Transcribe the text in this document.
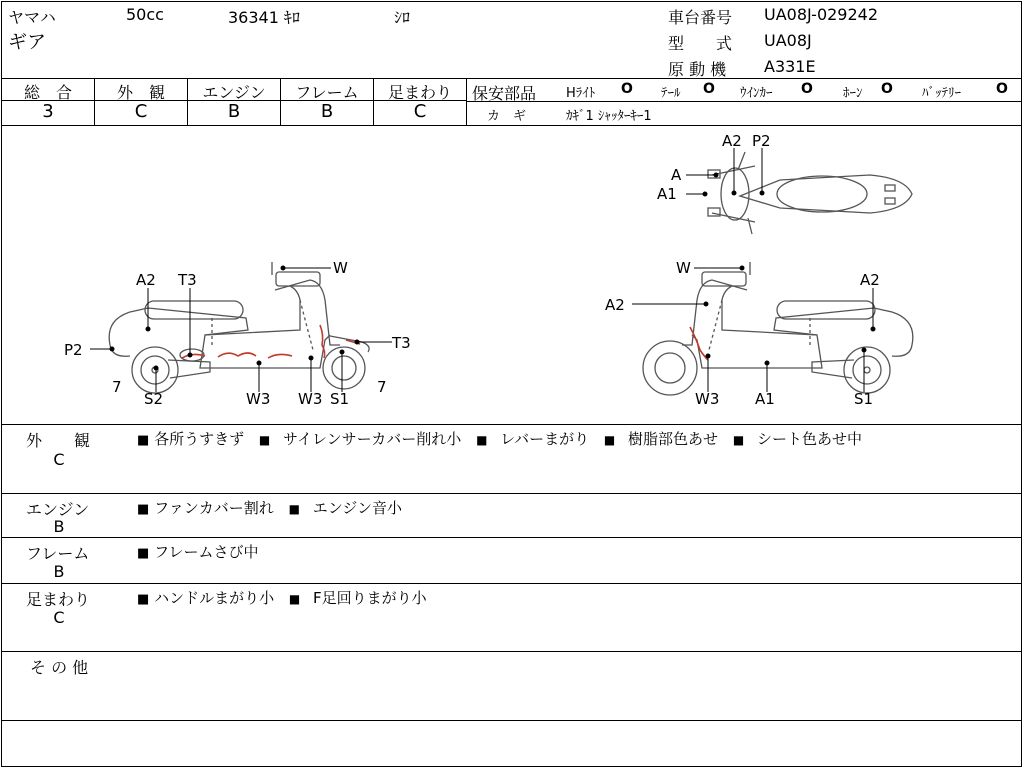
ヤマハ	50cc	36341 ｷﾛ	ｼﾛ
ギア
車台番号 UA08J-029242
型　　式 UA08J
原 動 機 A331E
総　合	外　観	エンジン	フレーム	足まわり
3	C	B	B	C
保安部品 Hﾗｲﾄ O ﾃｰﾙ O ｳｲﾝｶｰ O ﾎｰﾝ O ﾊﾞｯﾃﾘｰ	O
カ　ギ	ｶｷﾞ1 ｼｬｯﾀｰｷｰ1
A2 T3
P2
7
S2	W3 W3 S1
7
T3
W	W
A2
A2
W3 A1	S1
A
A1
A2 P2
外　　観
C
■ 各所うすきず ■ サイレンサーカバー削れ小 ■ レバーまがり ■ 樹脂部色あせ ■ シート色あせ中
エンジン
B
■ ファンカバー割れ ■ エンジン音小
フレーム
B
■ フレームさび中
足まわり
C
■ ハンドルまがり小 ■ F足回りまがり小
そ の 他
